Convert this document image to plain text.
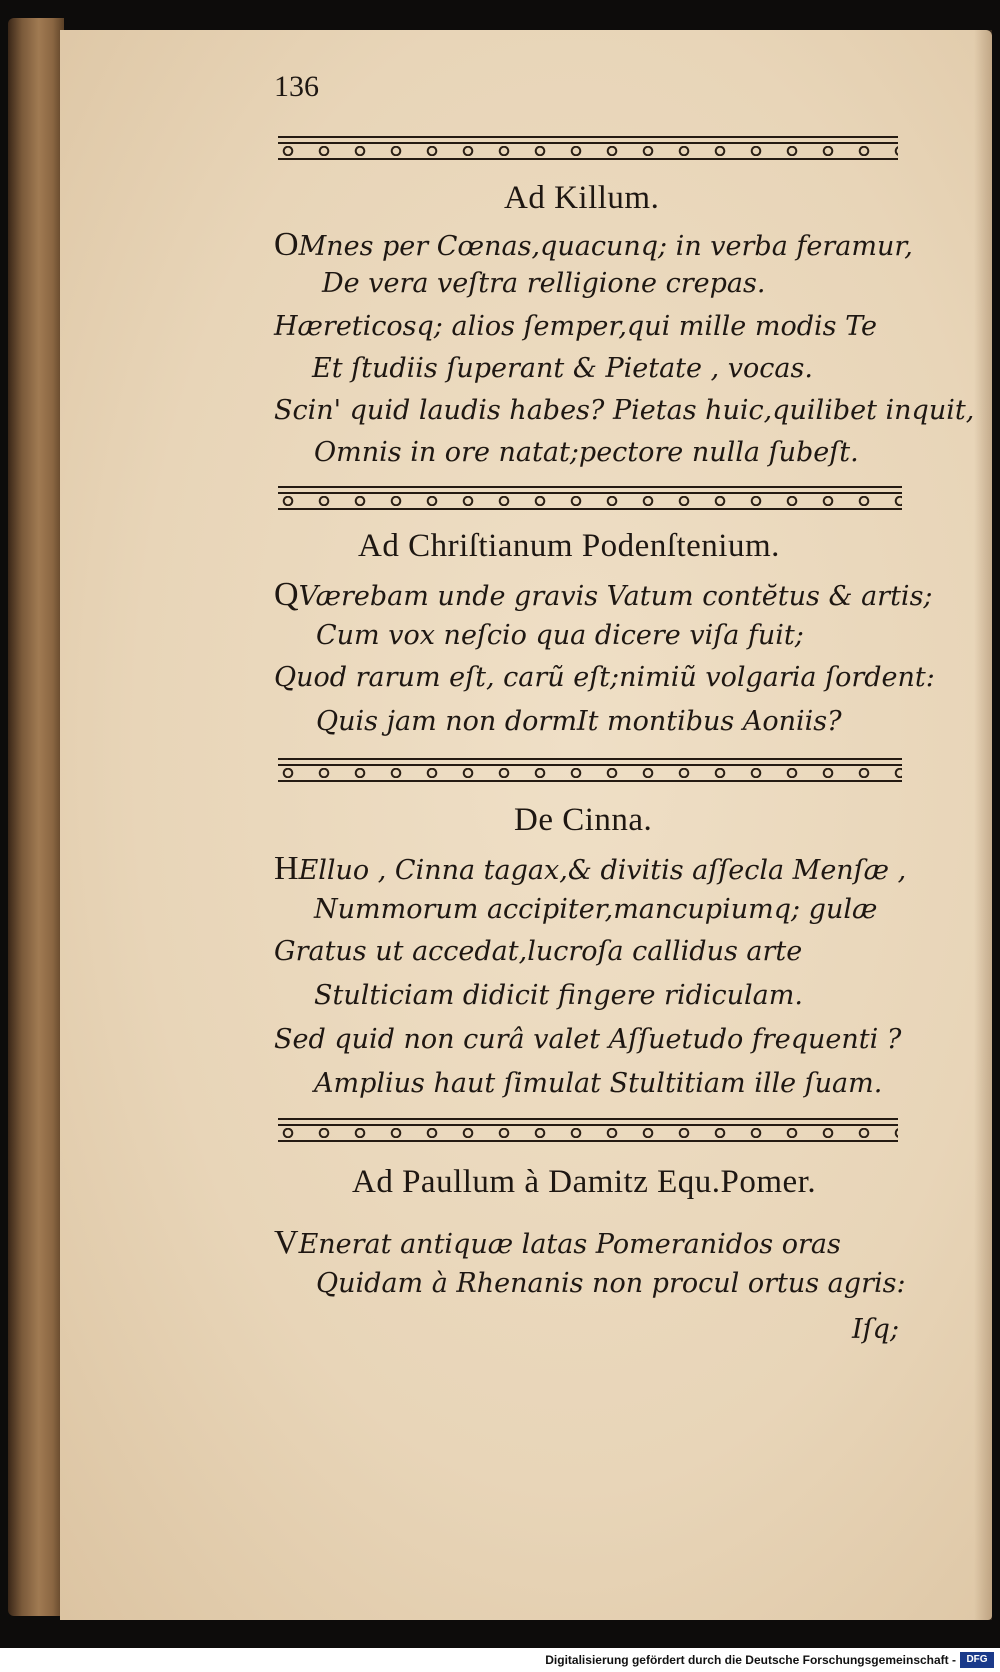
136
Ad Killum.
OMnes per Cœnas,quacunq; in verba feramur,
De vera veſtra relligione crepas.
Hæreticosq; alios ſemper,qui mille modis Te
Et ſtudiis ſuperant & Pietate , vocas.
Scin' quid laudis habes? Pietas huic,quilibet inquit,
Omnis in ore natat;pectore nulla ſubeſt.
Ad Chriſtianum Podenſtenium.
QVærebam unde gravis Vatum contĕtus & artis;
Cum vox neſcio qua dicere viſa fuit;
Quod rarum eſt, carũ eſt;nimiũ volgaria ſordent:
Quis jam non dormIt montibus Aoniis?
De Cinna.
HElluo , Cinna tagax,& divitis aſſecla Menſæ ,
Nummorum accipiter,mancupiumq; gulæ
Gratus ut accedat,lucroſa callidus arte
Stulticiam didicit fingere ridiculam.
Sed quid non curâ valet Aſſuetudo frequenti ?
Amplius haut ſimulat Stultitiam ille ſuam.
Ad Paullum à Damitz Equ.Pomer.
VEnerat antiquæ latas Pomeranidos oras
Quidam à Rhenanis non procul ortus agris:
Iſq;
Digitalisierung gefördert durch die Deutsche Forschungsgemeinschaft -	DFG
